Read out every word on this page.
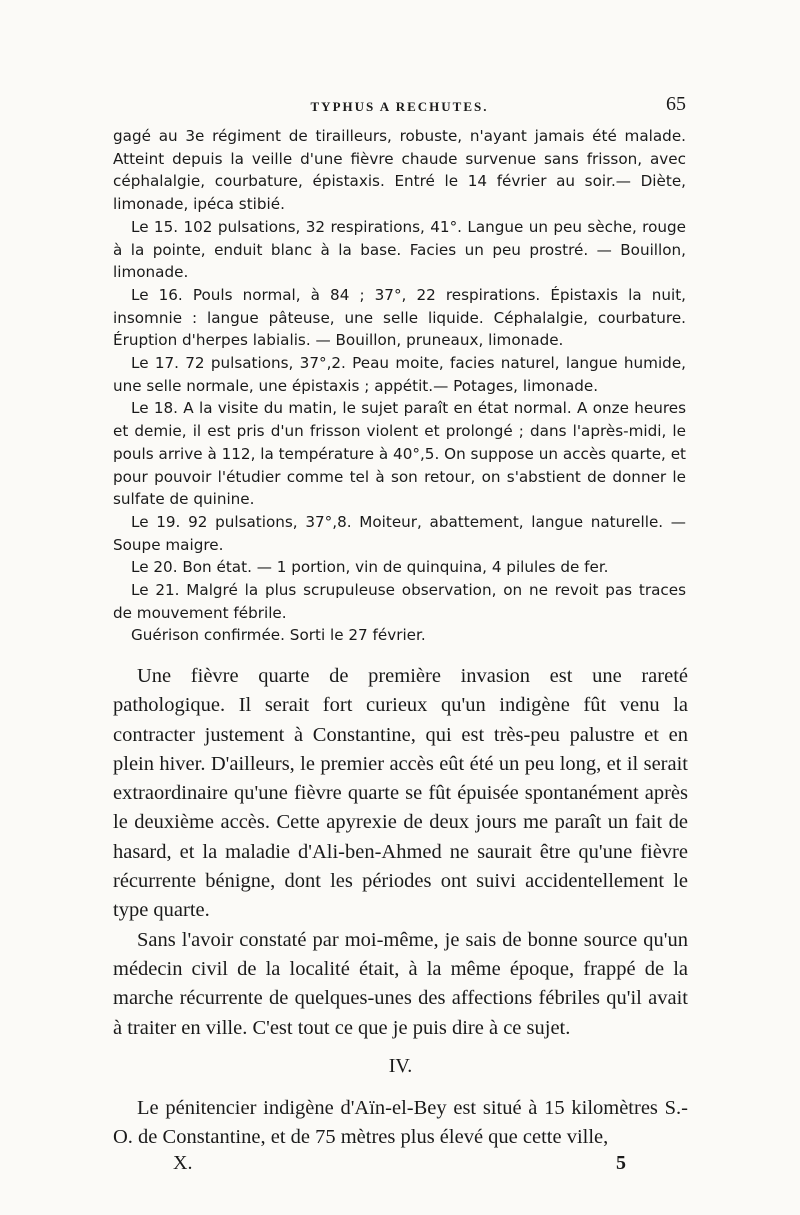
TYPHUS A RECHUTES.	65

gagé au 3e régiment de tirailleurs, robuste, n'ayant jamais été malade. Atteint depuis la veille d'une fièvre chaude survenue sans frisson, avec céphalalgie, courbature, épistaxis. Entré le 14 février au soir.— Diète, limonade, ipéca stibié.

Le 15. 102 pulsations, 32 respirations, 41°. Langue un peu sèche, rouge à la pointe, enduit blanc à la base. Facies un peu prostré. — Bouillon, limonade.

Le 16. Pouls normal, à 84 ; 37°, 22 respirations. Épistaxis la nuit, insomnie : langue pâteuse, une selle liquide. Céphalalgie, courbature. Éruption d'herpes labialis. — Bouillon, pruneaux, limonade.

Le 17. 72 pulsations, 37°,2. Peau moite, facies naturel, langue humide, une selle normale, une épistaxis ; appétit.— Potages, limonade.

Le 18. A la visite du matin, le sujet paraît en état normal. A onze heures et demie, il est pris d'un frisson violent et prolongé ; dans l'après-midi, le pouls arrive à 112, la température à 40°,5. On suppose un accès quarte, et pour pouvoir l'étudier comme tel à son retour, on s'abstient de donner le sulfate de quinine.

Le 19. 92 pulsations, 37°,8. Moiteur, abattement, langue naturelle. — Soupe maigre.

Le 20. Bon état. — 1 portion, vin de quinquina, 4 pilules de fer.

Le 21. Malgré la plus scrupuleuse observation, on ne revoit pas traces de mouvement fébrile.

Guérison confirmée. Sorti le 27 février.

Une fièvre quarte de première invasion est une rareté pathologique. Il serait fort curieux qu'un indigène fût venu la contracter justement à Constantine, qui est très-peu palustre et en plein hiver. D'ailleurs, le premier accès eût été un peu long, et il serait extraordinaire qu'une fièvre quarte se fût épuisée spontanément après le deuxième accès. Cette apyrexie de deux jours me paraît un fait de hasard, et la maladie d'Ali-ben-Ahmed ne saurait être qu'une fièvre récurrente bénigne, dont les périodes ont suivi accidentellement le type quarte.

Sans l'avoir constaté par moi-même, je sais de bonne source qu'un médecin civil de la localité était, à la même époque, frappé de la marche récurrente de quelques-unes des affections fébriles qu'il avait à traiter en ville. C'est tout ce que je puis dire à ce sujet.

IV.

Le pénitencier indigène d'Aïn-el-Bey est situé à 15 kilomètres S.-O. de Constantine, et de 75 mètres plus élevé que cette ville,

X.	5
